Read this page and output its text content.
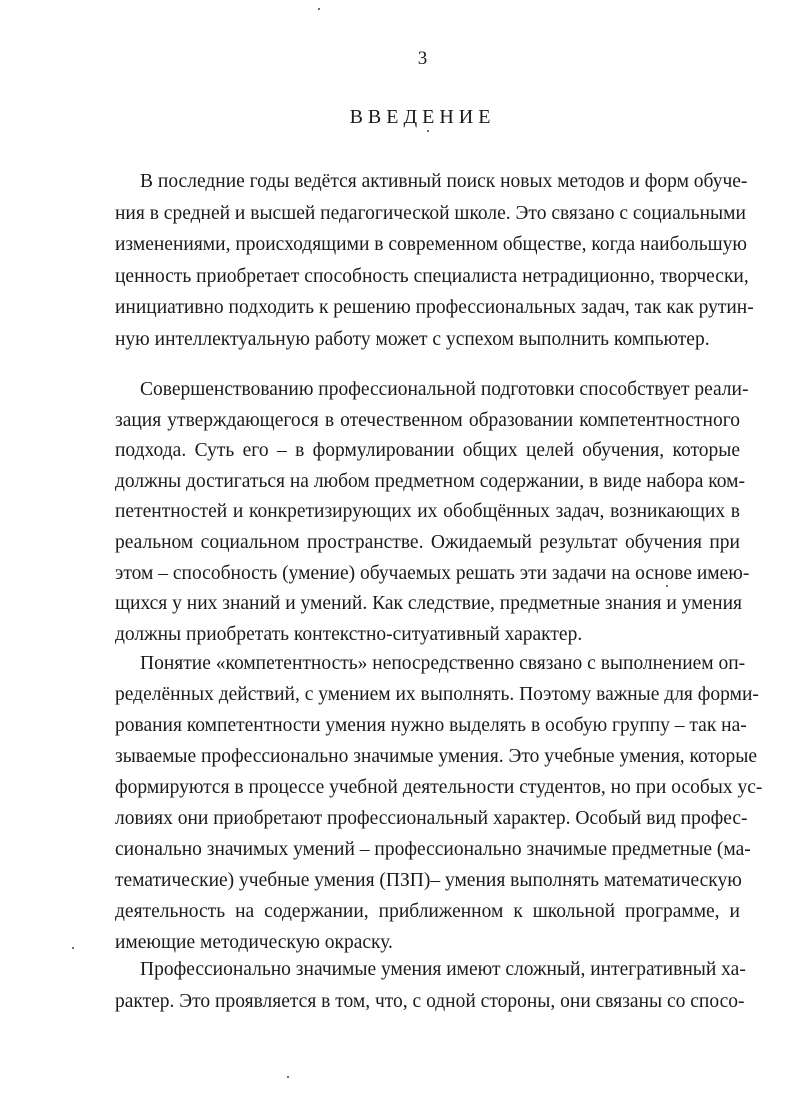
3
ВВЕДЕНИЕ
В последние годы ведётся активный поиск новых методов и форм обуче-
ния в средней и высшей педагогической школе. Это связано с социальными
изменениями, происходящими в современном обществе, когда наибольшую
ценность приобретает способность специалиста нетрадиционно, творчески,
инициативно подходить к решению профессиональных задач, так как рутин-
ную интеллектуальную работу может с успехом выполнить компьютер.
Совершенствованию профессиональной подготовки способствует реали-
зация утверждающегося в отечественном образовании компетентностного
подхода. Суть его – в формулировании общих целей обучения, которые
должны достигаться на любом предметном содержании, в виде набора ком-
петентностей и конкретизирующих их обобщённых задач, возникающих в
реальном социальном пространстве. Ожидаемый результат обучения при
этом – способность (умение) обучаемых решать эти задачи на основе имею-
щихся у них знаний и умений. Как следствие, предметные знания и умения
должны приобретать контекстно-ситуативный характер.
Понятие «компетентность» непосредственно связано с выполнением оп-
ределённых действий, с умением их выполнять. Поэтому важные для форми-
рования компетентности умения нужно выделять в особую группу – так на-
зываемые профессионально значимые умения. Это учебные умения, которые
формируются в процессе учебной деятельности студентов, но при особых ус-
ловиях они приобретают профессиональный характер. Особый вид профес-
сионально значимых умений – профессионально значимые предметные (ма-
тематические) учебные умения (ПЗП)– умения выполнять математическую
деятельность на содержании, приближенном к школьной программе, и
имеющие методическую окраску.
Профессионально значимые умения имеют сложный, интегративный ха-
рактер. Это проявляется в том, что, с одной стороны, они связаны со спосо-
